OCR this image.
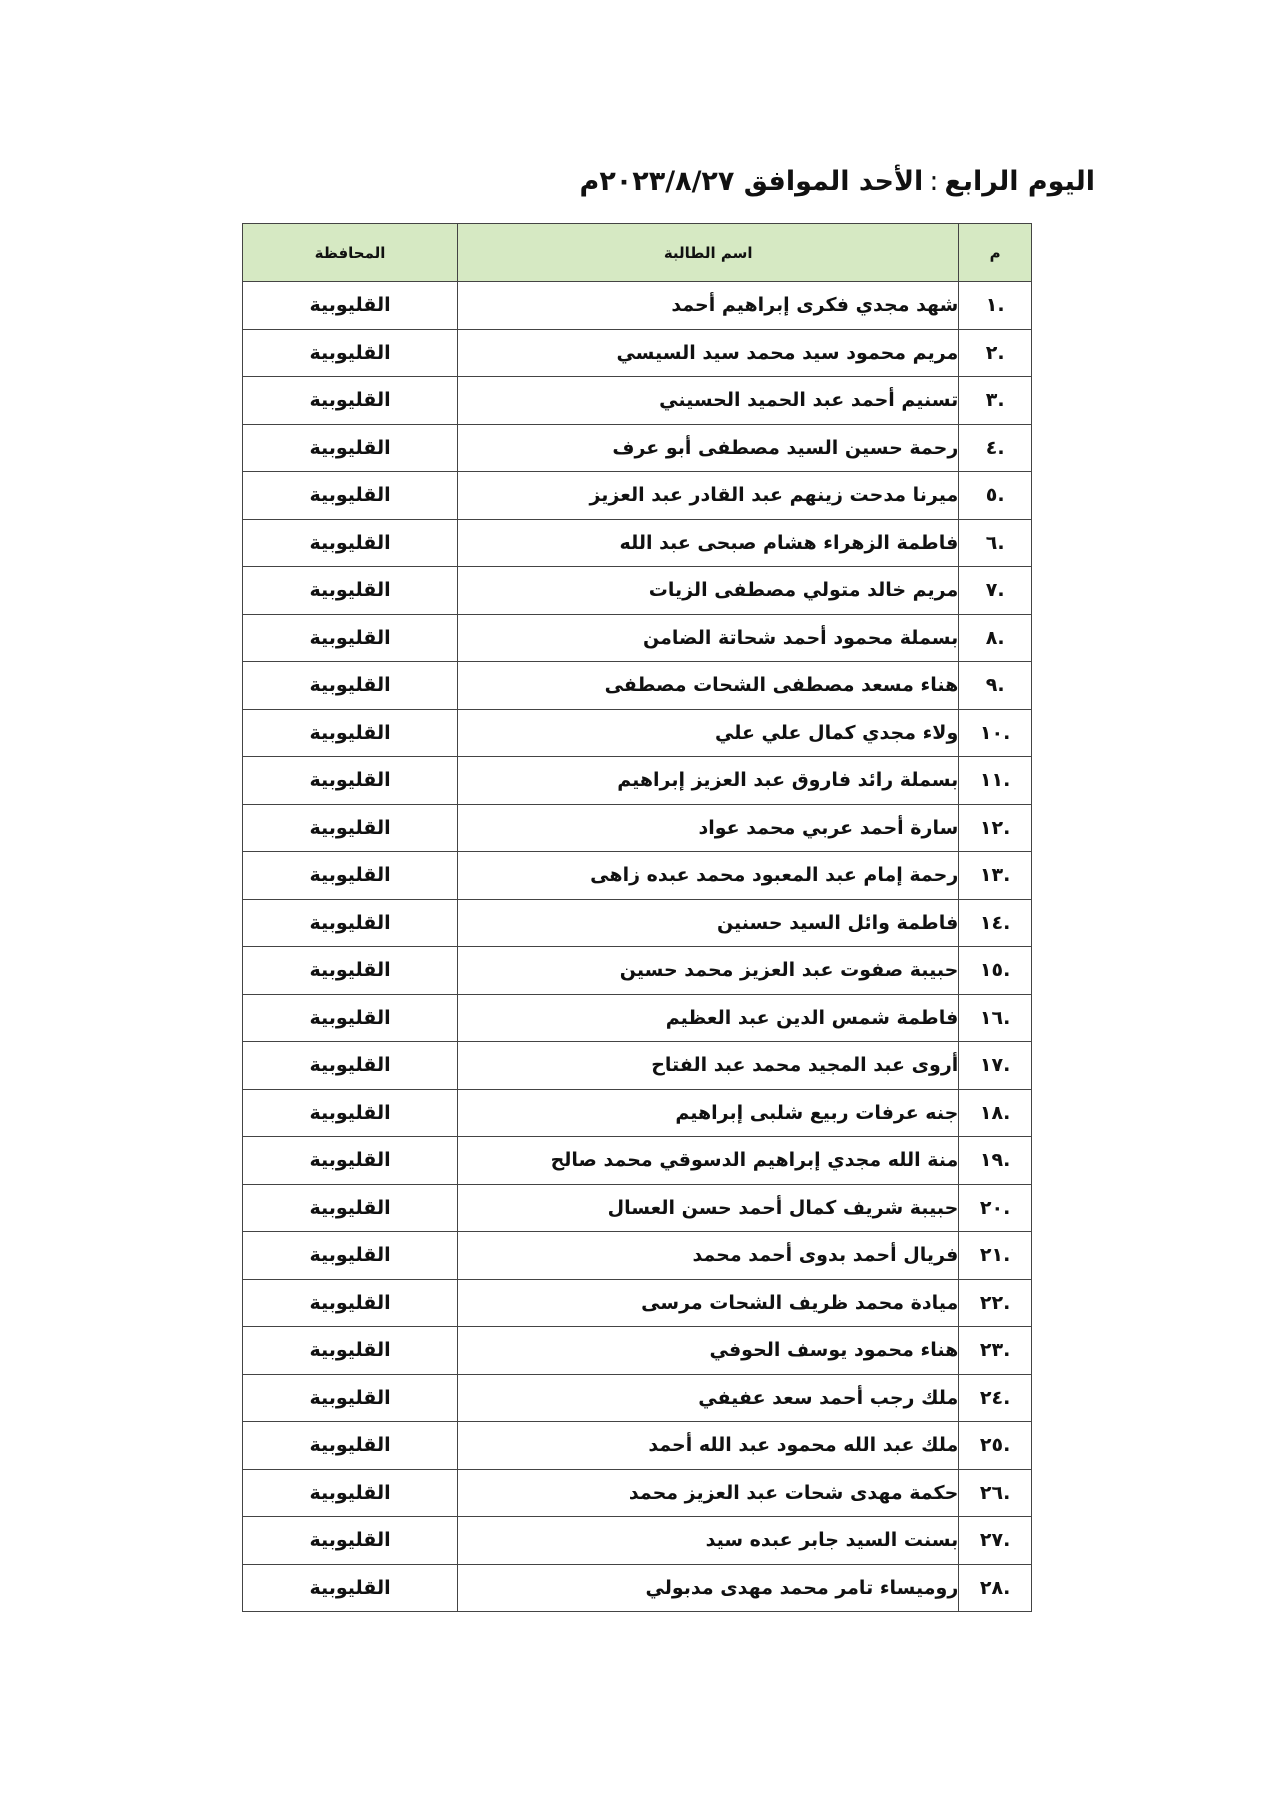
اليوم الرابع:الأحد الموافق ٢٠٢٣/٨/٢٧م
م	اسم الطالبة	المحافظة
.١	شهد مجدي فكرى إبراهيم أحمد	القليوبية
.٢	مريم محمود سيد محمد سيد السيسي	القليوبية
.٣	تسنيم أحمد عبد الحميد الحسيني	القليوبية
.٤	رحمة حسين السيد مصطفى أبو عرف	القليوبية
.٥	ميرنا مدحت زينهم عبد القادر عبد العزيز	القليوبية
.٦	فاطمة الزهراء هشام صبحى عبد الله	القليوبية
.٧	مريم خالد متولي مصطفى الزيات	القليوبية
.٨	بسملة محمود أحمد شحاتة الضامن	القليوبية
.٩	هناء مسعد مصطفى الشحات مصطفى	القليوبية
.١٠	ولاء مجدي كمال علي علي	القليوبية
.١١	بسملة رائد فاروق عبد العزيز إبراهيم	القليوبية
.١٢	سارة أحمد عربي محمد عواد	القليوبية
.١٣	رحمة إمام عبد المعبود محمد عبده زاهى	القليوبية
.١٤	فاطمة وائل السيد حسنين	القليوبية
.١٥	حبيبة صفوت عبد العزيز محمد حسين	القليوبية
.١٦	فاطمة شمس الدين عبد العظيم	القليوبية
.١٧	أروى عبد المجيد محمد عبد الفتاح	القليوبية
.١٨	جنه عرفات ربيع شلبى إبراهيم	القليوبية
.١٩	منة الله مجدي إبراهيم الدسوقي محمد صالح	القليوبية
.٢٠	حبيبة شريف كمال أحمد حسن العسال	القليوبية
.٢١	فريال أحمد بدوى أحمد محمد	القليوبية
.٢٢	ميادة محمد ظريف الشحات مرسى	القليوبية
.٢٣	هناء محمود يوسف الحوفي	القليوبية
.٢٤	ملك رجب أحمد سعد عفيفي	القليوبية
.٢٥	ملك عبد الله محمود عبد الله أحمد	القليوبية
.٢٦	حكمة مهدى شحات عبد العزيز محمد	القليوبية
.٢٧	بسنت السيد جابر عبده سيد	القليوبية
.٢٨	روميساء تامر محمد مهدى مدبولي	القليوبية
